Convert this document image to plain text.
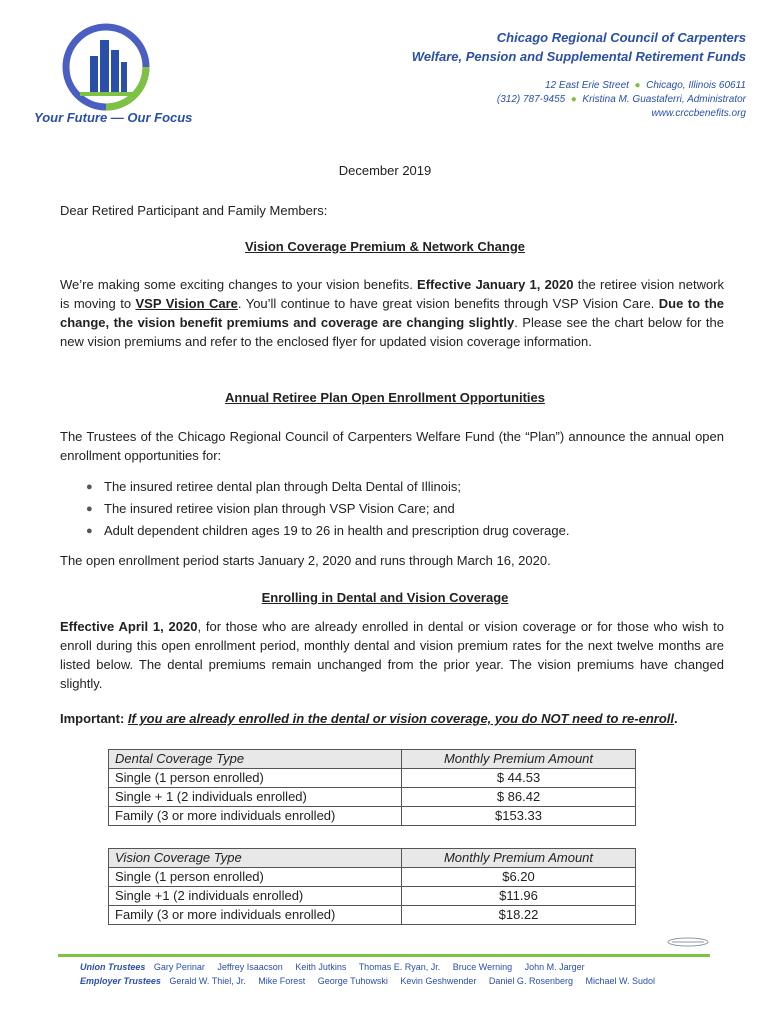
Your Future — Our Focus
Chicago Regional Council of Carpenters
Welfare, Pension and Supplemental Retirement Funds
12 East Erie Street  ●  Chicago, Illinois 60611
(312) 787-9455  ●  Kristina M. Guastaferri, Administrator
www.crccbenefits.org
December 2019
Dear Retired Participant and Family Members:
Vision Coverage Premium & Network Change
We’re making some exciting changes to your vision benefits. Effective January 1, 2020 the retiree vision network is moving to VSP Vision Care. You’ll continue to have great vision benefits through VSP Vision Care. Due to the change, the vision benefit premiums and coverage are changing slightly. Please see the chart below for the new vision premiums and refer to the enclosed flyer for updated vision coverage information.
Annual Retiree Plan Open Enrollment Opportunities
The Trustees of the Chicago Regional Council of Carpenters Welfare Fund (the “Plan”) announce the annual open enrollment opportunities for:
● The insured retiree dental plan through Delta Dental of Illinois;
● The insured retiree vision plan through VSP Vision Care; and
● Adult dependent children ages 19 to 26 in health and prescription drug coverage.
The open enrollment period starts January 2, 2020 and runs through March 16, 2020.
Enrolling in Dental and Vision Coverage
Effective April 1, 2020, for those who are already enrolled in dental or vision coverage or for those who wish to enroll during this open enrollment period, monthly dental and vision premium rates for the next twelve months are listed below. The dental premiums remain unchanged from the prior year. The vision premiums have changed slightly.
Important: If you are already enrolled in the dental or vision coverage, you do NOT need to re-enroll.
Dental Coverage Type	Monthly Premium Amount
Single (1 person enrolled)	$ 44.53
Single + 1 (2 individuals enrolled)	$ 86.42
Family (3 or more individuals enrolled)	$153.33
Vision Coverage Type	Monthly Premium Amount
Single (1 person enrolled)	$6.20
Single +1 (2 individuals enrolled)	$11.96
Family (3 or more individuals enrolled)	$18.22
Union Trustees Gary Perinar Jeffrey Isaacson Keith Jutkins Thomas E. Ryan, Jr. Bruce Werning John M. Jarger
Employer Trustees Gerald W. Thiel, Jr. Mike Forest George Tuhowski Kevin Geshwender Daniel G. Rosenberg Michael W. Sudol
